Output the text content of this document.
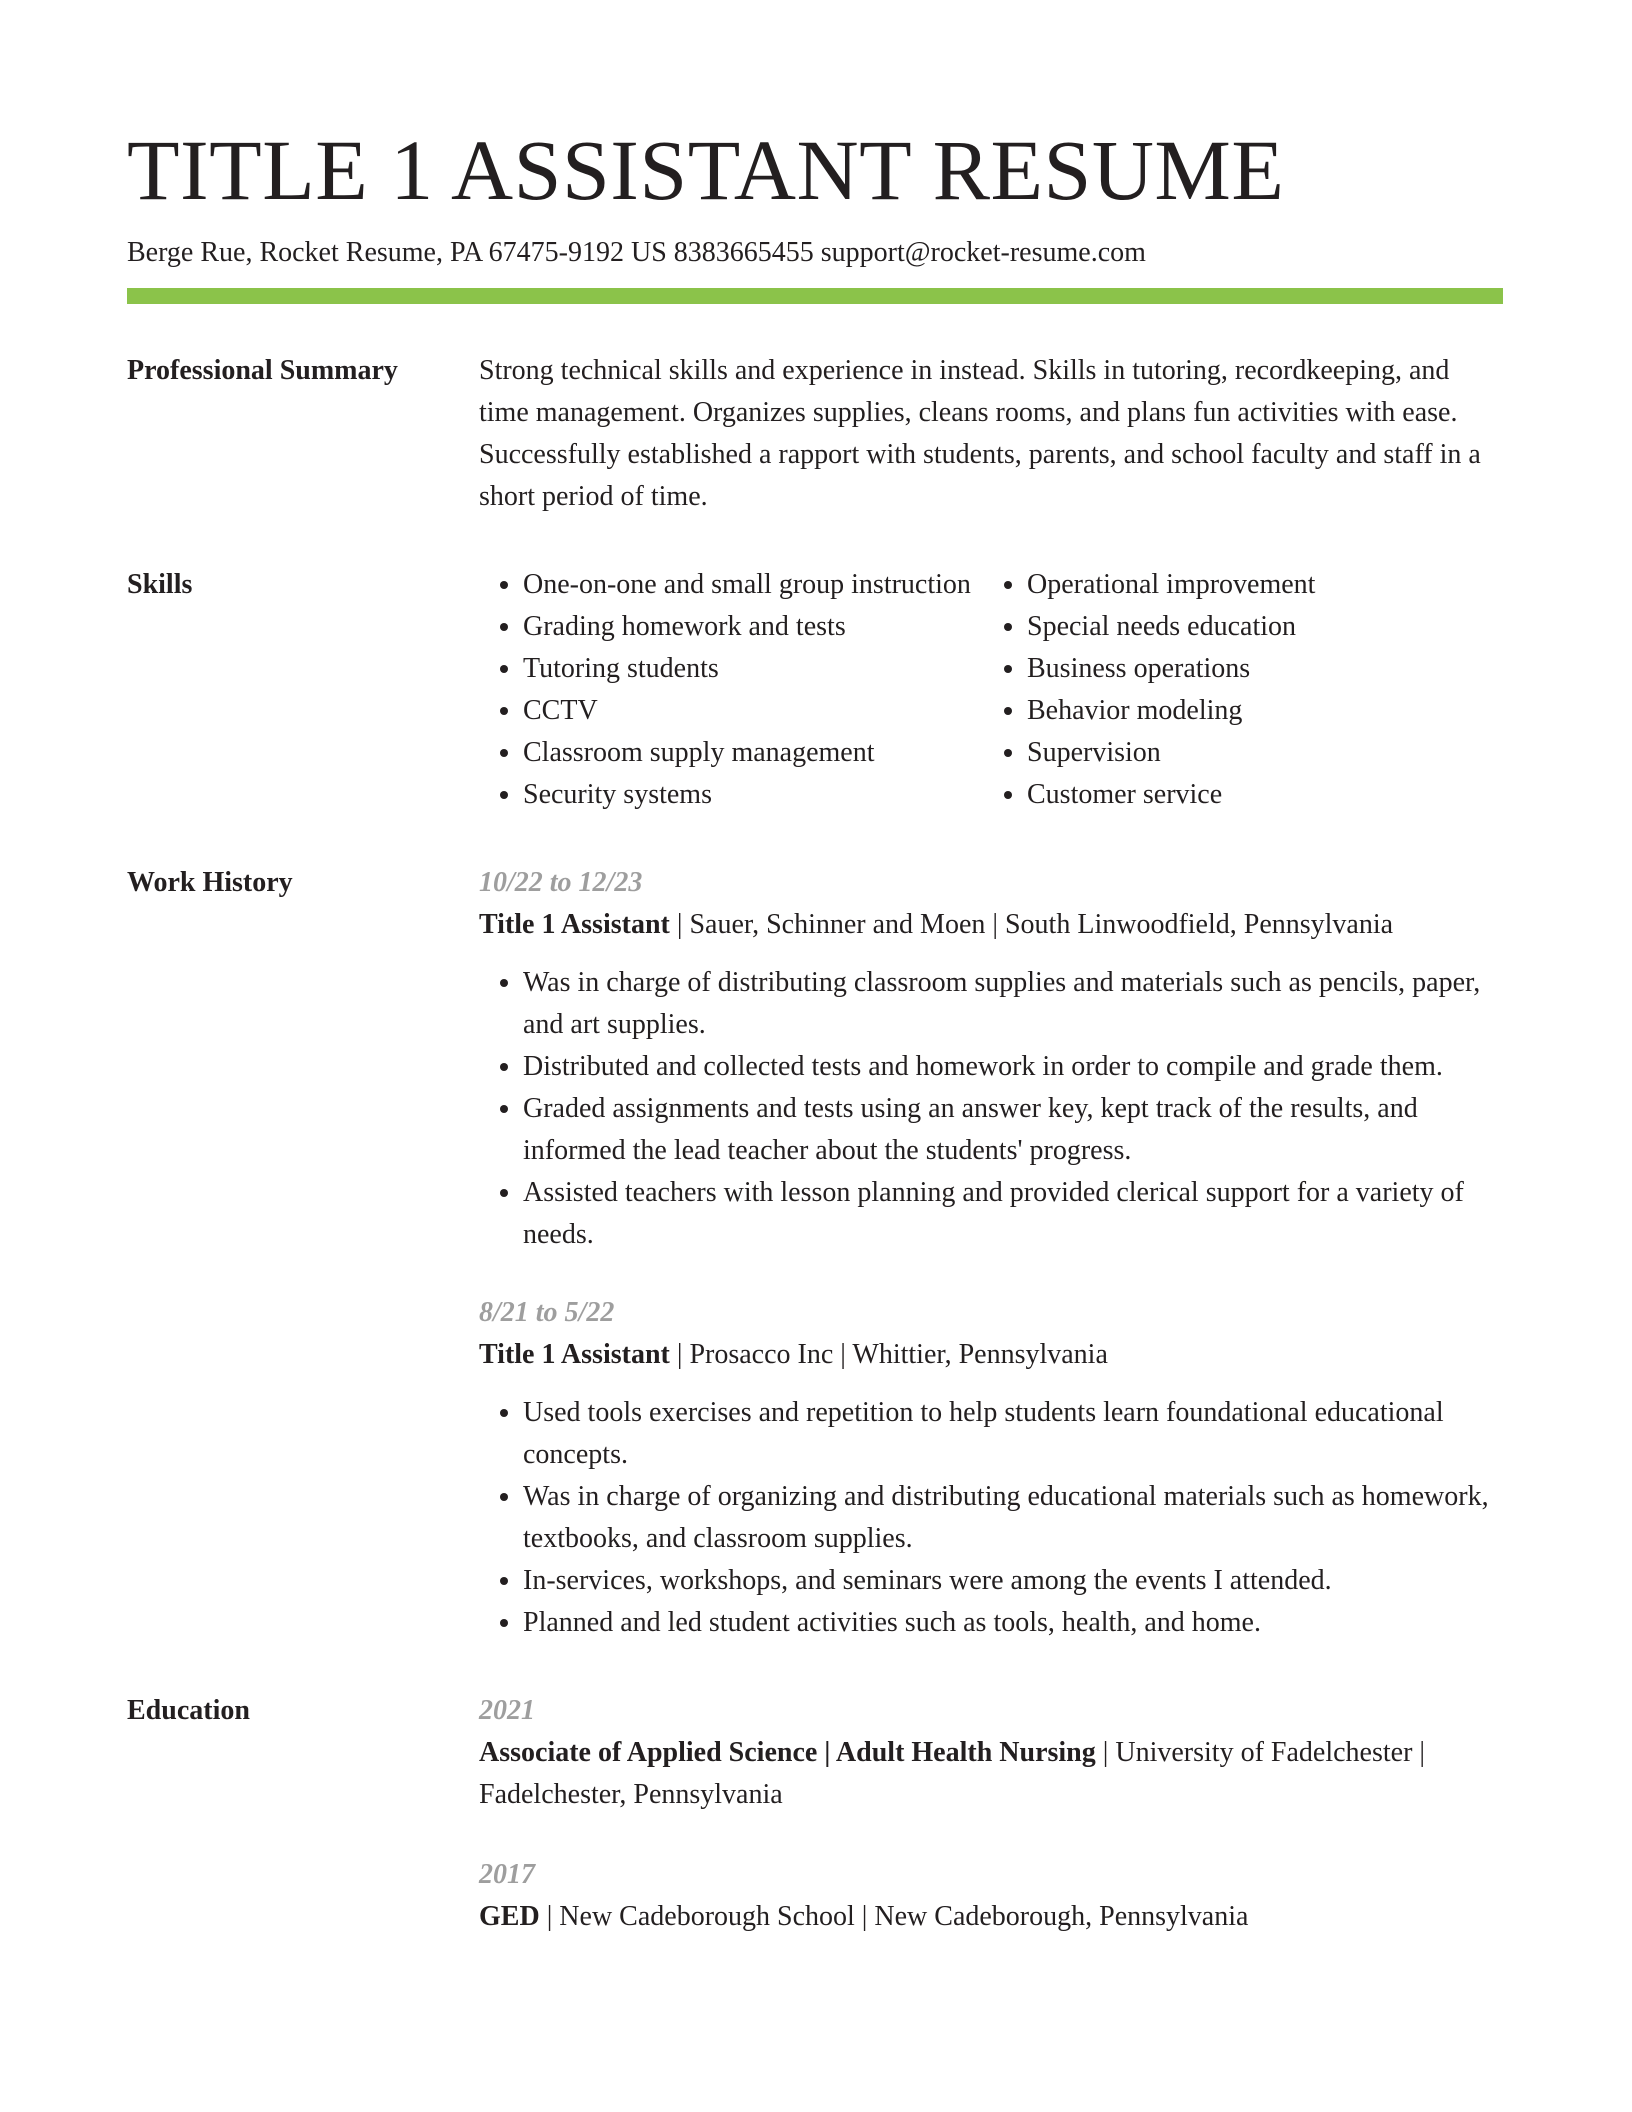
TITLE 1 ASSISTANT RESUME
Berge Rue, Rocket Resume, PA 67475-9192 US 8383665455 support@rocket-resume.com
Professional Summary	Strong technical skills and experience in instead. Skills in tutoring, recordkeeping, and time management. Organizes supplies, cleans rooms, and plans fun activities with ease. Successfully established a rapport with students, parents, and school faculty and staff in a short period of time.

Skills
•	One-on-one and small group instruction
• Grading homework and tests
• Tutoring students
• CCTV
• Classroom supply management
• Security systems
• Operational improvement
• Special needs education
• Business operations
• Behavior modeling
• Supervision
• Customer service
Work History	10/22 to 12/23
Title 1 Assistant | Sauer, Schinner and Moen | South Linwoodfield, Pennsylvania
• Was in charge of distributing classroom supplies and materials such as pencils, paper, and art supplies.
• Distributed and collected tests and homework in order to compile and grade them.
• Graded assignments and tests using an answer key, kept track of the results, and informed the lead teacher about the students' progress.
• Assisted teachers with lesson planning and provided clerical support for a variety of needs.
8/21 to 5/22
Title 1 Assistant | Prosacco Inc | Whittier, Pennsylvania
• Used tools exercises and repetition to help students learn foundational educational concepts.
• Was in charge of organizing and distributing educational materials such as homework, textbooks, and classroom supplies.
• In-services, workshops, and seminars were among the events I attended.
• Planned and led student activities such as tools, health, and home.
Education	2021
Associate of Applied Science | Adult Health Nursing | University of Fadelchester | Fadelchester, Pennsylvania
2017
GED | New Cadeborough School | New Cadeborough, Pennsylvania
